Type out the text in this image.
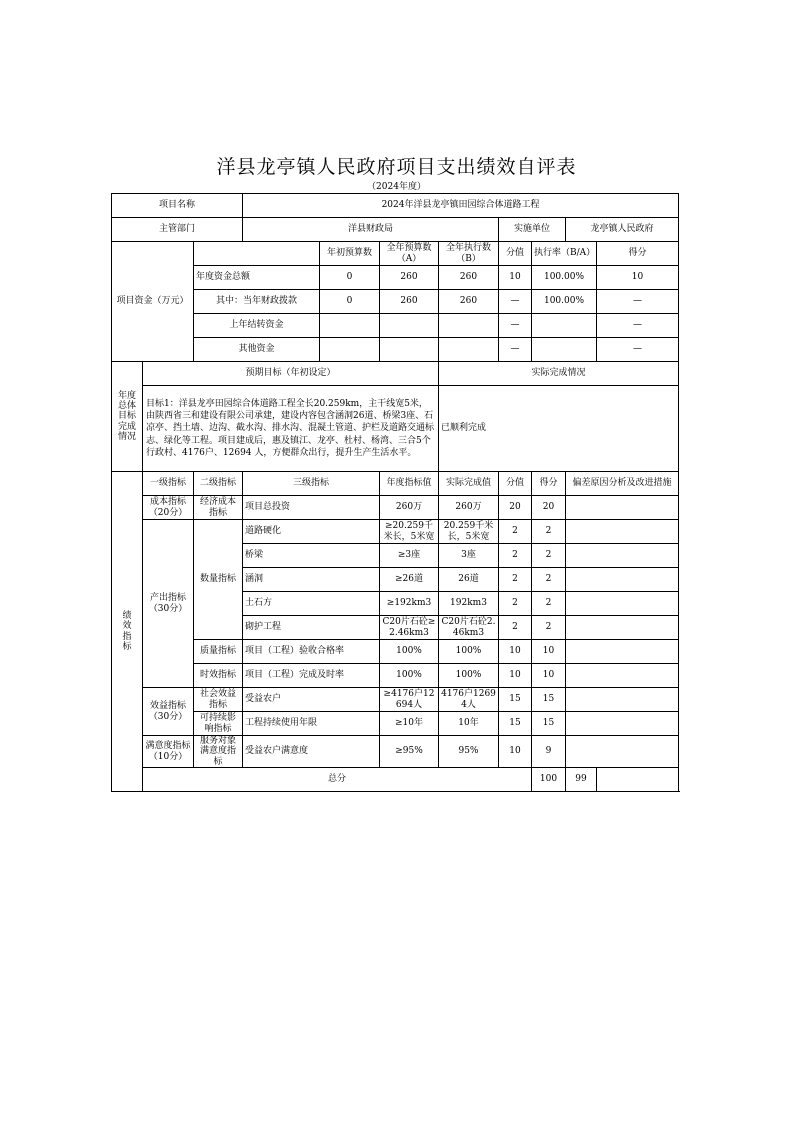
洋县龙亭镇人民政府项目支出绩效自评表
（2024年度）
项目名称			2024年洋县龙亭镇田园综合体道路工程							
主管部门			洋县财政局				实施单位		龙亭镇人民政府	
项目资金（万元）				年初预算数	全年预算数（A）	全年执行数（B）	分值	执行率（B/A）		得分
		年度资金总额		0	260	260	10	100.00%		10
		其中：当年财政拨款		0	260	260	—	100.00%		—
		上年结转资金					—			—
		其他资金					—			—
年度总体目标完成情况	预期目标（年初设定）					实际完成情况				
	目标1：洋县龙亭田园综合体道路工程全长20.259km，主干线宽5米，由陕西省三和建设有限公司承建，建设内容包含涵洞26道、桥梁3座、石凉亭、挡土墙、边沟、截水沟、排水沟、混凝土管道、护栏及道路交通标志、绿化等工程。项目建成后，惠及镇江、龙亭、杜村、杨湾、三合5个行政村、4176户、12694 人，方便群众出行，提升生产生活水平。					已顺利完成				
绩效指标	一级指标	二级指标	三级指标		年度指标值	实际完成值	分值	得分	偏差原因分析及改进措施	
	成本指标（20分）	经济成本指标	项目总投资		260万	260万	20	20		
	产出指标（30分）	数量指标	道路硬化		≥20.259千米长，5米宽	20.259千米长，5米宽	2	2		
			桥梁		≥3座	3座	2	2		
			涵洞		≥26道	26道	2	2		
			土石方		≥192km3	192km3	2	2		
			砌护工程		C20片石砼≥2.46km3	C20片石砼2.46km3	2	2		
		质量指标	项目（工程）验收合格率		100%	100%	10	10		
		时效指标	项目（工程）完成及时率		100%	100%	10	10		
	效益指标（30分）	社会效益指标	受益农户		≥4176户12694人	4176户12694人	15	15		
		可持续影响指标	工程持续使用年限		≥10年	10年	15	15		
	满意度指标（10分）	服务对象满意度指标	受益农户满意度		≥95%	95%	10	9		
	总分							100	99	
